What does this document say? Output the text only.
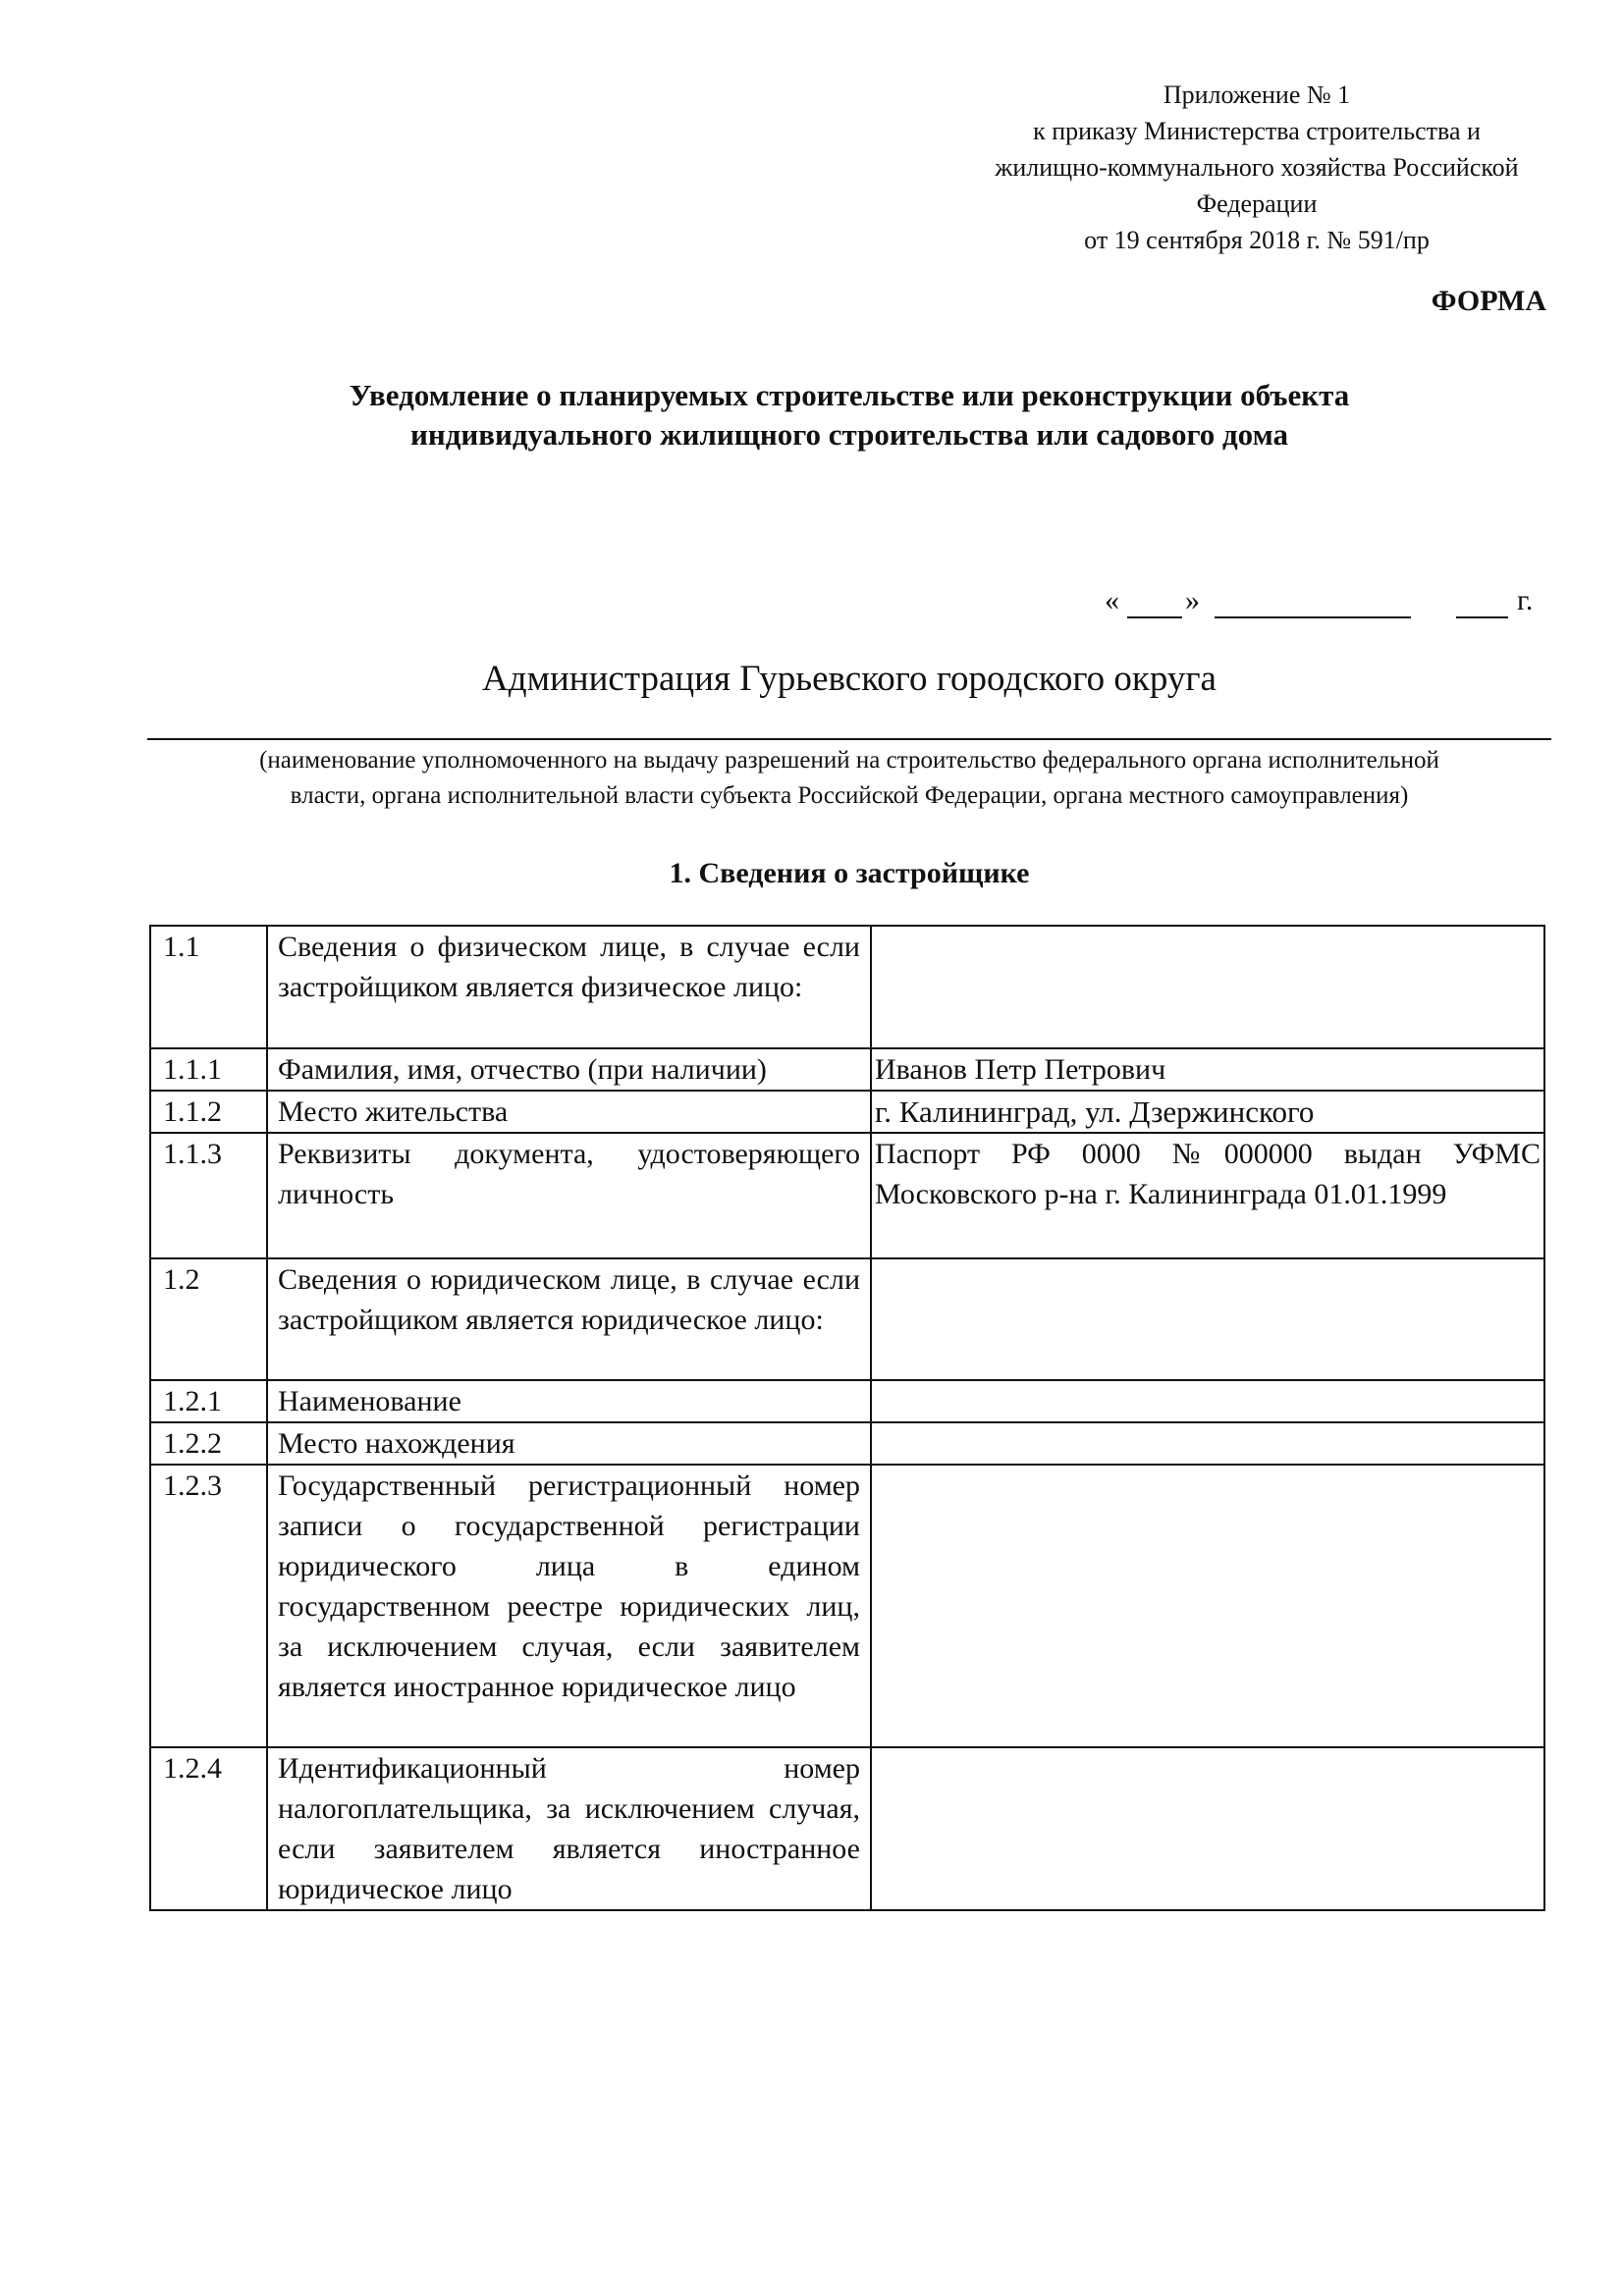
Приложение № 1
к приказу Министерства строительства и
жилищно-коммунального хозяйства Российской
Федерации
от 19 сентября 2018 г. № 591/пр
ФОРМА
Уведомление о планируемых строительстве или реконструкции объекта
индивидуального жилищного строительства или садового дома
« »	г.
Администрация Гурьевского городского округа
(наименование уполномоченного на выдачу разрешений на строительство федерального органа исполнительной
власти, органа исполнительной власти субъекта Российской Федерации, органа местного самоуправления)
1. Сведения о застройщике
1.1	Сведения о физическом лице, в случае если застройщиком является физическое лицо:	
1.1.1	Фамилия, имя, отчество (при наличии)	Иванов Петр Петрович
1.1.2	Место жительства	г. Калининград, ул. Дзержинского
1.1.3	Реквизиты документа, удостоверяющего личность	Паспорт РФ 0000 №000000 выдан УФМС Московского р-на г. Калининграда 01.01.1999
1.2	Сведения о юридическом лице, в случае если застройщиком является юридическое лицо:	
1.2.1	Наименование	
1.2.2	Место нахождения	
1.2.3	Государственный регистрационный номер записи о государственной регистрации юридического лица в едином государственном реестре юридических лиц, за исключением случая, если заявителем является иностранное юридическое лицо	
1.2.4	Идентификационный номер налогоплательщика, за исключением случая, если заявителем является иностранное юридическое лицо	
